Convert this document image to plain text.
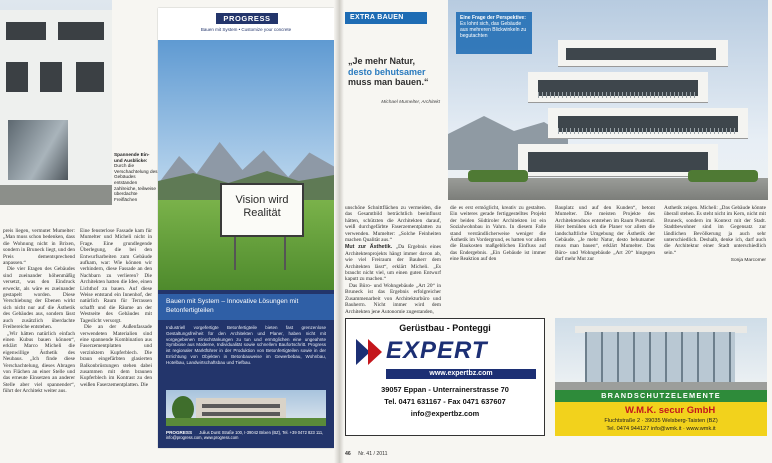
Spannende Ein- und Ausblicke:
Durch die Verschachtelung des Gebäudes entstanden zahlreiche, teilweise überdachte Freiflächen

preis liegen, vermutet Mumelter: „Man muss schon bedenken, dass die Wohnung nicht in Brixen, sondern in Bruneck liegt, und den Preis dementsprechend anpassen.“

Die vier Etagen des Gebäudes sind zueinander höhenmäßig versetzt, was den Eindruck erweckt, als wäre es zueinander gestapelt worden. Diese Verschiebung der Ebenen wirkt sich nicht nur auf die Ästhetik des Gebäudes aus, sondern lässt auch zusätzlich überdachte Freibereiche entstehen.

„Wir hätten natürlich einfach einen Kubus bauen können“, erklärt Marco Micheli die eigenwillige Ästhetik des Neubaus. „Ich finde diese Verschachtelung, dieses Abragen von Flächen an einer Stelle und das erneute Einsetzen an anderer Stelle aber viel spannender“, führt der Architekt weiter aus.

Eine fensterlose Fassade kam für Mumelter und Micheli nicht in Frage. Eine grundlegende Überlegung, die bei den Entwurfsarbeiten zum Gebäude aufkam, war: Wie können wir verhindern, diese Fassade an den Nachbarn zu verlieren? Die Architekten hatten die Idee, einen Lichthof zu bauen. Auf diese Weise entstand ein Innenhof, der natürlich Raum für Terrassen schafft und die Räume an der Westseite des Gebäudes mit Tageslicht versorgt.

Die an der Außenfassade verwendeten Materialien sind eine spannende Kombination aus Faserzementplatten und verzinktem Kupferblech. Die braun eingefärbten glasierten Balkonbrüstungen stehen dabei zusammen mit dem braunen Kupferblech im Kontrast zu den weißen Faserzementplatten. Die

PROGRESS
Bauen mit System • Customize your concrete
Vision wird
Realität
Bauen mit System – Innovative Lösungen mit Betonfertigteilen
Industriell vorgefertigte Betonfertigteile bieten fast grenzenlose Gestaltungsfreiheit für den Architekten und Planer, haben nicht mit vorgegebenen Einschränkungen zu tun und ermöglichen eine ungeahnte Symbiose aus Moderne, Individualität sowie schnellem Baufortschritt. Progress ist regionaler Marktführer in der Produktion von Betonfertigteilen sowie in der Errichtung von Objekten in Betonbauweise im Gewerbebau, Wohnbau, Hotelbau, Landwirtschaftsbau und Tiefbau.
PROGRESS Julius Durst Straße 100, I-39042 Brixen (BZ), Tel. +39 0472 823 111, info@progress.com, www.progress.com
EXTRA BAUEN
„Je mehr Natur, desto behutsamer muss man bauen.“
Michael Mumelter, Architekt
Eine Frage der Perspektive:
Es lohnt sich, das Gebäude aus mehreren Blickwinkeln zu begutachten

unschöne Schnittflächen zu vermeiden, die das Gesamtbild beträchtlich beeinflusst hätten, schützten die Architekten darauf, weiß durchgefärbte Faserzementplatten zu verwenden. Mumelter: „Solche Feinheiten machen Qualität aus.“

Mut zur Ästhetik. „Da Ergebnis eines Architektenprojekts hängt immer davon ab, wie viel Freiraum der Bauherr dem Architekten lässt“, erklärt Micheli. „Es braucht nicht viel, um einen guten Entwurf kaputt zu machen.“

Das Büro- und Wohngebäude „Art 20“ in Bruneck ist das Ergebnis erfolgreicher Zusammenarbeit von Architekturbüro und Bauherrn. Nicht immer wird dem Architekten jene Autonomie zugestanden,

die es erst ermöglicht, kreativ zu gestalten. Ein weiteres gerade fertiggestelltes Projekt der beiden Südtiroler Architekten ist ein Sozialwohnbau in Vahrn. In diesem Falle stand verständlicherweise weniger die Ästhetik im Vordergrund, es hatten vor allem die Baukosten maßgeblichen Einfluss auf das Endergebnis. „Ein Gebäude ist immer eine Reaktion auf den

Bauplatz und auf den Kunden“, betont Mumelter. Die meisten Projekte des Architektenduos entstehen im Raum Pustertal. Hier bemühen sich die Planer vor allem die landschaftliche Umgebung der Ästhetik der Gebäude. „Je mehr Natur, desto behutsamer muss man bauen“, erklärt Mumelter. Das Büro- und Wohngebäude „Art 20“ hingegen darf mehr Mut zur

Ästhetik zeigen. Micheli: „Das Gebäude könnte überall stehen. Es steht nicht im Kern, nicht mit Bruneck, sondern im Kontext mit der Stadt. Stadtbewohner sind im Gegensatz zur ländlichen Bevölkerung ja auch sehr unterschiedlich. Deshalb, denke ich, darf auch die Architektur einer Stadt unterschiedlich sein.“

Sonja Marcomer
Gerüstbau - Ponteggi
EXPERT
www.expertbz.com
39057 Eppan - Unterrainerstrasse 70
Tel. 0471 631167 - Fax 0471 637607
info@expertbz.com
BRANDSCHUTZELEMENTE
W.M.K. secur GmbH
Fluchtstraße 2 · 39035 Welsberg-Taisten (BZ)
Tel. 0474 944127 info@wmk.it · www.wmk.it
46 Nr. 41 / 2011
